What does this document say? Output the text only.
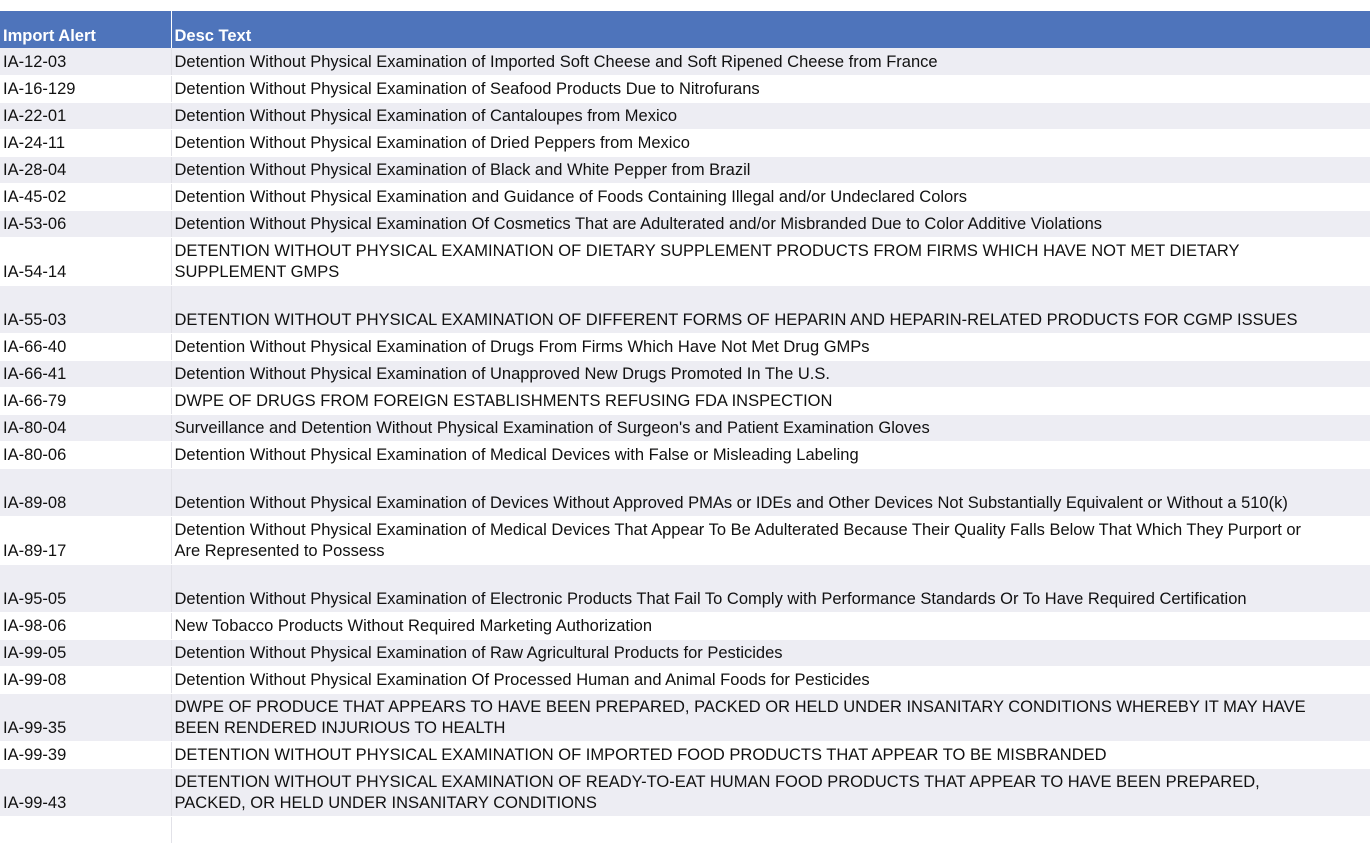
Import Alert	Desc Text
IA-12-03	Detention Without Physical Examination of Imported Soft Cheese and Soft Ripened Cheese from France
IA-16-129	Detention Without Physical Examination of Seafood Products Due to Nitrofurans
IA-22-01	Detention Without Physical Examination of Cantaloupes from Mexico
IA-24-11	Detention Without Physical Examination of Dried Peppers from Mexico
IA-28-04	Detention Without Physical Examination of Black and White Pepper from Brazil
IA-45-02	Detention Without Physical Examination and Guidance of Foods Containing Illegal and/or Undeclared Colors
IA-53-06	Detention Without Physical Examination Of Cosmetics That are Adulterated and/or Misbranded Due to Color Additive Violations
IA-54-14	DETENTION WITHOUT PHYSICAL EXAMINATION OF DIETARY SUPPLEMENT PRODUCTS FROM FIRMS WHICH HAVE NOT MET DIETARY SUPPLEMENT GMPS
IA-55-03	DETENTION WITHOUT PHYSICAL EXAMINATION OF DIFFERENT FORMS OF HEPARIN AND HEPARIN-RELATED PRODUCTS FOR CGMP ISSUES
IA-66-40	Detention Without Physical Examination of Drugs From Firms Which Have Not Met Drug GMPs
IA-66-41	Detention Without Physical Examination of Unapproved New Drugs Promoted In The U.S.
IA-66-79	DWPE OF DRUGS FROM FOREIGN ESTABLISHMENTS REFUSING FDA INSPECTION
IA-80-04	Surveillance and Detention Without Physical Examination of Surgeon's and Patient Examination Gloves
IA-80-06	Detention Without Physical Examination of Medical Devices with False or Misleading Labeling
IA-89-08	Detention Without Physical Examination of Devices Without Approved PMAs or IDEs and Other Devices Not Substantially Equivalent or Without a 510(k)
IA-89-17	Detention Without Physical Examination of Medical Devices That Appear To Be Adulterated Because Their Quality Falls Below That Which They Purport or Are Represented to Possess
IA-95-05	Detention Without Physical Examination of Electronic Products That Fail To Comply with Performance Standards Or To Have Required Certification
IA-98-06	New Tobacco Products Without Required Marketing Authorization
IA-99-05	Detention Without Physical Examination of Raw Agricultural Products for Pesticides
IA-99-08	Detention Without Physical Examination Of Processed Human and Animal Foods for Pesticides
IA-99-35	DWPE OF PRODUCE THAT APPEARS TO HAVE BEEN PREPARED, PACKED OR HELD UNDER INSANITARY CONDITIONS WHEREBY IT MAY HAVE BEEN RENDERED INJURIOUS TO HEALTH
IA-99-39	DETENTION WITHOUT PHYSICAL EXAMINATION OF IMPORTED FOOD PRODUCTS THAT APPEAR TO BE MISBRANDED
IA-99-43	DETENTION WITHOUT PHYSICAL EXAMINATION OF READY-TO-EAT HUMAN FOOD PRODUCTS THAT APPEAR TO HAVE BEEN PREPARED, PACKED, OR HELD UNDER INSANITARY CONDITIONS
